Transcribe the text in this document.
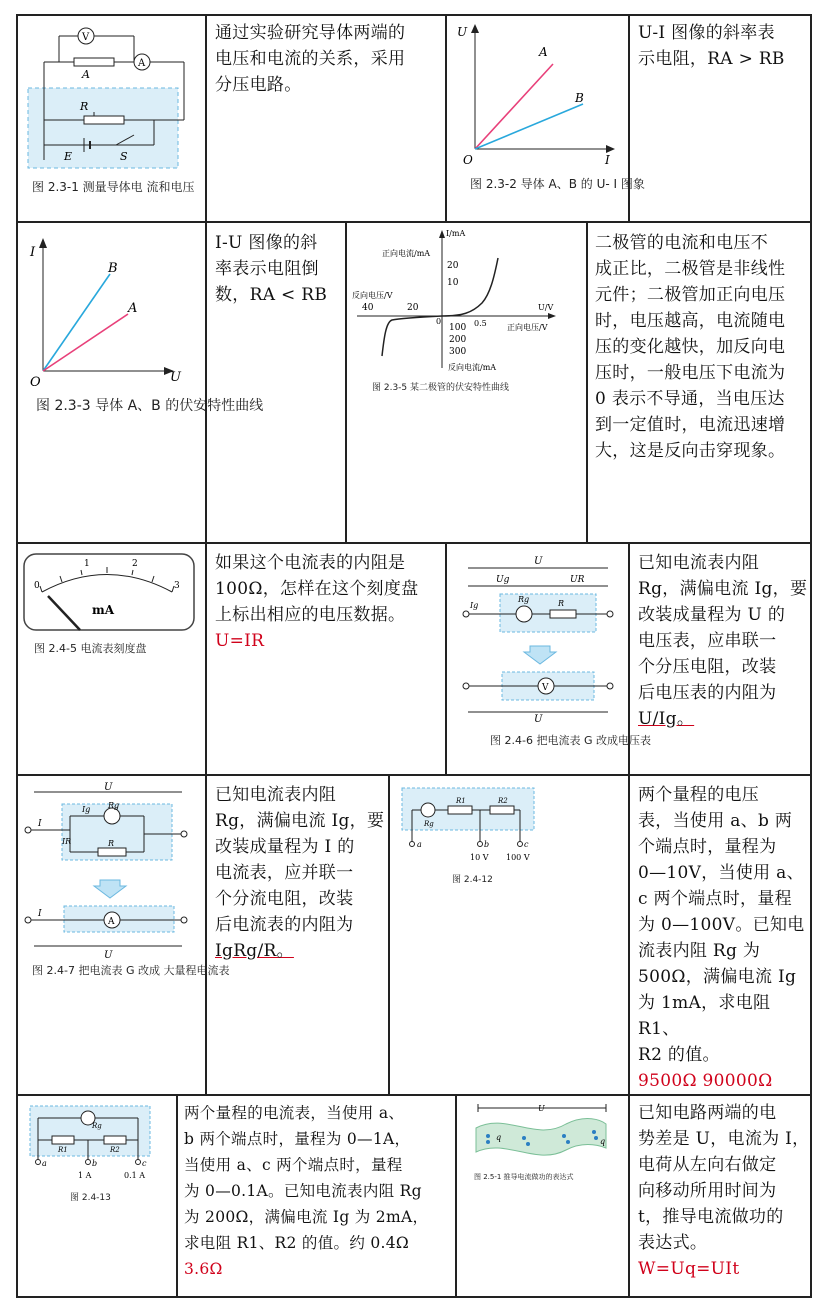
V
A
A
R
E	S
图 2.3-1 测量导体电 流和电压
通过实验研究导体两端的
电压和电流的关系，采用
分压电路。
U
I
O
A
B
图 2.3-2 导体 A、B 的 U- I 图象
U-I 图像的斜率表
示电阻，RA > RB
I
U
O
B
A
图 2.3-3 导体 A、B 的伏安特性曲线
I-U 图像的斜
率表示电阻倒
数，RA < RB
I/mA
正向电流/mA
20
10
反向电压/V
40	20	U/V
0	0.5	正向电压/V
100
200
300
反向电流/mA
图 2.3-5 某二极管的伏安特性曲线
二极管的电流和电压不
成正比，二极管是非线性
元件；二极管加正向电压
时，电压越高，电流随电
压的变化越快，加反向电
压时，一般电压下电流为
0 表示不导通，当电压达
到一定值时，电流迅速增
大，这是反向击穿现象。
0
1	2
3
mA
图 2.4-5 电流表刻度盘
如果这个电流表的内阻是
100Ω，怎样在这个刻度盘
上标出相应的电压数据。
U=IR
U
Ug	UR
Ig
Rg	R
V
U
图 2.4-6 把电流表 G 改成电压表
已知电流表内阻
Rg，满偏电流 Ig，要
改装成量程为 U 的
电压表，应串联一
个分压电阻，改装
后电压表的内阻为
U/Ig。
U
I
Rg
Ig
IR	R
I
A
U
图 2.4-7 把电流表 G 改成 大量程电流表
已知电流表内阻
Rg，满偏电流 Ig，要
改装成量程为 I 的
电流表，应并联一
个分流电阻，改装
后电流表的内阻为
IgRg/R。
Rg
R1	R2
a	b	c
10 V 100 V
图 2.4-12
两个量程的电压
表，当使用 a、b 两
个端点时，量程为
0—10V，当使用 a、
c 两个端点时，量程
为 0—100V。已知电
流表内阻 Rg 为
500Ω，满偏电流 Ig
为 1mA，求电阻 R1、
R2 的值。
9500Ω 90000Ω
Rg
R1	R2
a	b	c
1 A	0.1 A
图 2.4-13
两个量程的电流表，当使用 a、
b 两个端点时，量程为 0—1A，
当使用 a、c 两个端点时，量程
为 0—0.1A。已知电流表内阻 Rg
为 200Ω，满偏电流 Ig 为 2mA，
求电阻 R1、R2 的值。约 0.4Ω
3.6Ω
U
q	q
图 2.5-1 推导电流做功的表达式
已知电路两端的电
势差是 U，电流为 I，
电荷从左向右做定
向移动所用时间为
t，推导电流做功的
表达式。
W=Uq=UIt
